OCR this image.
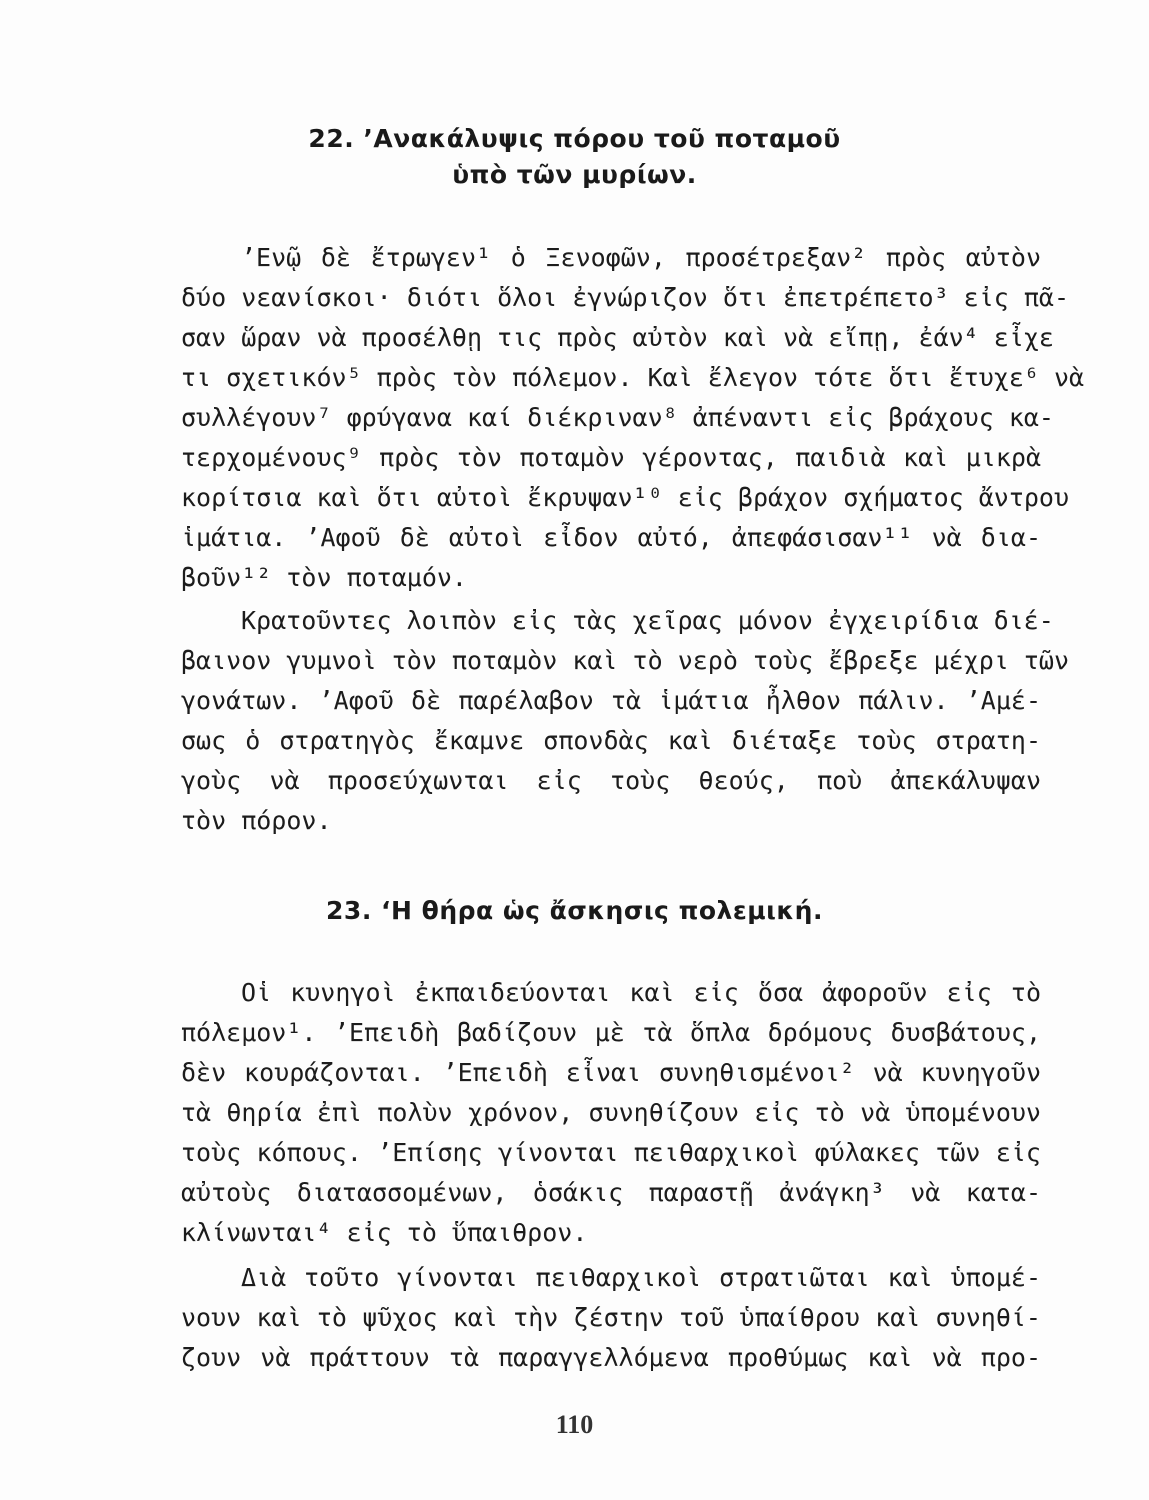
22. ’Ανακάλυψις πόρου τοῦ ποταμοῦ
ὑπὸ τῶν μυρίων.
’Ενῷ δὲ ἔτρωγεν¹ ὁ Ξενοφῶν, προσέτρεξαν² πρὸς αὐτὸν
δύο νεανίσκοι· διότι ὅλοι ἐγνώριζον ὅτι ἐπετρέπετο³ εἰς πᾶ-
σαν ὥραν νὰ προσέλθῃ τις πρὸς αὐτὸν καὶ νὰ εἴπῃ, ἐάν⁴ εἶχε
τι σχετικόν⁵ πρὸς τὸν πόλεμον. Καὶ ἔλεγον τότε ὅτι ἔτυχε⁶ νὰ
συλλέγουν⁷ φρύγανα καί διέκριναν⁸ ἀπέναντι εἰς βράχους κα-
τερχομένους⁹ πρὸς τὸν ποταμὸν γέροντας, παιδιὰ καὶ μικρὰ
κορίτσια καὶ ὅτι αὐτοὶ ἔκρυψαν¹⁰ εἰς βράχον σχήματος ἄντρου
ἱμάτια. ’Αφοῦ δὲ αὐτοὶ εἶδον αὐτό, ἀπεφάσισαν¹¹ νὰ δια-
βοῦν¹² τὸν ποταμόν.
Κρατοῦντες λοιπὸν εἰς τὰς χεῖρας μόνον ἐγχειρίδια διέ-
βαινον γυμνοὶ τὸν ποταμὸν καὶ τὸ νερὸ τοὺς ἔβρεξε μέχρι τῶν
γονάτων. ’Αφοῦ δὲ παρέλαβον τὰ ἱμάτια ἦλθον πάλιν. ’Αμέ-
σως ὁ στρατηγὸς ἔκαμνε σπονδὰς καὶ διέταξε τοὺς στρατη-
γοὺς νὰ προσεύχωνται εἰς τοὺς θεούς, ποὺ ἀπεκάλυψαν
τὸν πόρον.
23. ‘Η θήρα ὡς ἄσκησις πολεμική.
Οἱ κυνηγοὶ ἐκπαιδεύονται καὶ εἰς ὅσα ἀφοροῦν εἰς τὸ
πόλεμον¹. ’Επειδὴ βαδίζουν μὲ τὰ ὅπλα δρόμους δυσβάτους,
δὲν κουράζονται. ’Επειδὴ εἶναι συνηθισμένοι² νὰ κυνηγοῦν
τὰ θηρία ἐπὶ πολὺν χρόνον, συνηθίζουν εἰς τὸ νὰ ὑπομένουν
τοὺς κόπους. ’Επίσης γίνονται πειθαρχικοὶ φύλακες τῶν εἰς
αὐτοὺς διατασσομένων, ὁσάκις παραστῇ ἀνάγκη³ νὰ κατα-
κλίνωνται⁴ εἰς τὸ ὕπαιθρον.
Διὰ τοῦτο γίνονται πειθαρχικοὶ στρατιῶται καὶ ὑπομέ-
νουν καὶ τὸ ψῦχος καὶ τὴν ζέστην τοῦ ὑπαίθρου καὶ συνηθί-
ζουν νὰ πράττουν τὰ παραγγελλόμενα προθύμως καὶ νὰ προ-
110
